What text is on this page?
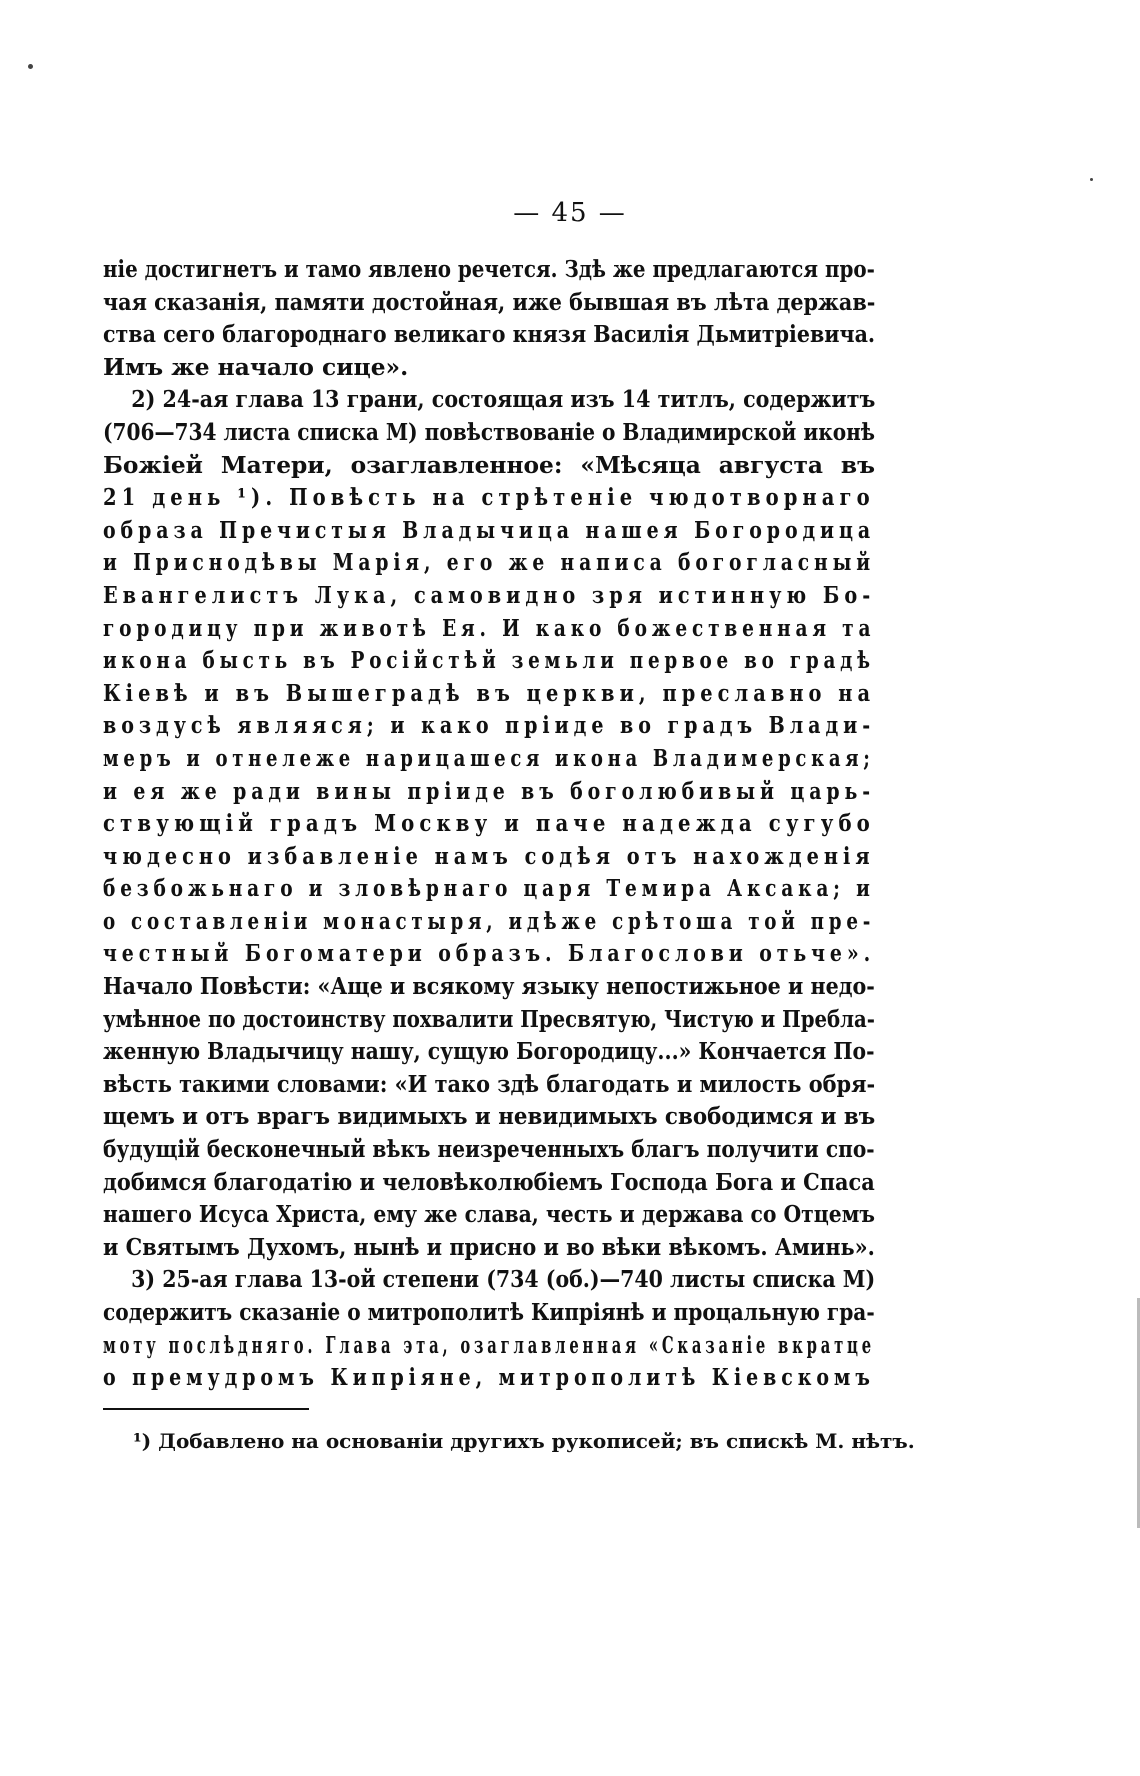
— 45 —
ніе достигнетъ и тамо явлено речется. Здѣ же предлагаются про-
чая сказанія, памяти достойная, иже бывшая въ лѣта держав-
ства сего благороднаго великаго князя Василія Дьмитріевича.
Имъ же начало сице».
2) 24-ая глава 13 грани, состоящая изъ 14 титлъ, содержитъ
(706—734 листа списка М) повѣствованіе о Владимирской иконѣ
Божіей Матери, озаглавленное: «Мѣсяца августа въ
21 день ¹). Повѣсть на стрѣтеніе чюдотворнаго
образа Пречистыя Владычица нашея Богородица
и Приснодѣвы Марія, его же написа богогласный
Евангелистъ Лука, самовидно зря истинную Бо-
городицу при животѣ Ея. И како божественная та
икона бысть въ Російстѣй земьли первое во градѣ
Кіевѣ и въ Вышеградѣ въ церкви, преславно на
воздусѣ являяся; и како пріиде во градъ Влади-
меръ и отнележе нарицашеся икона Владимерская;
и ея же ради вины пріиде въ боголюбивый царь-
ствующій градъ Москву и паче надежда сугубо
чюдесно избавленіе намъ содѣя отъ нахожденія
безбожьнаго и зловѣрнаго царя Темира Аксака; и
о составленіи монастыря, идѣже срѣтоша той пре-
честный Богоматери образъ. Благослови отьче».
Начало Повѣсти: «Аще и всякому языку непостижьное и недо-
умѣнное по достоинству похвалити Пресвятую, Чистую и Пребла-
женную Владычицу нашу, сущую Богородицу...» Кончается По-
вѣсть такими словами: «И тако здѣ благодать и милость обря-
щемъ и отъ врагъ видимыхъ и невидимыхъ свободимся и въ
будущій бесконечный вѣкъ неизреченныхъ благъ получити спо-
добимся благодатію и человѣколюбіемъ Господа Бога и Спаса
нашего Исуса Христа, ему же слава, честь и держава со Отцемъ
и Святымъ Духомъ, нынѣ и присно и во вѣки вѣкомъ. Аминь».
3) 25-ая глава 13-ой степени (734 (об.)—740 листы списка М)
содержитъ сказаніе о митрополитѣ Кипріянѣ и процальную гра-
моту послѣдняго. Глава эта, озаглавленная «Сказаніе вкратце
о премудромъ Кипріяне, митрополитѣ Кіевскомъ
¹) Добавлено на основаніи другихъ рукописей; въ спискѣ М. нѣтъ.
